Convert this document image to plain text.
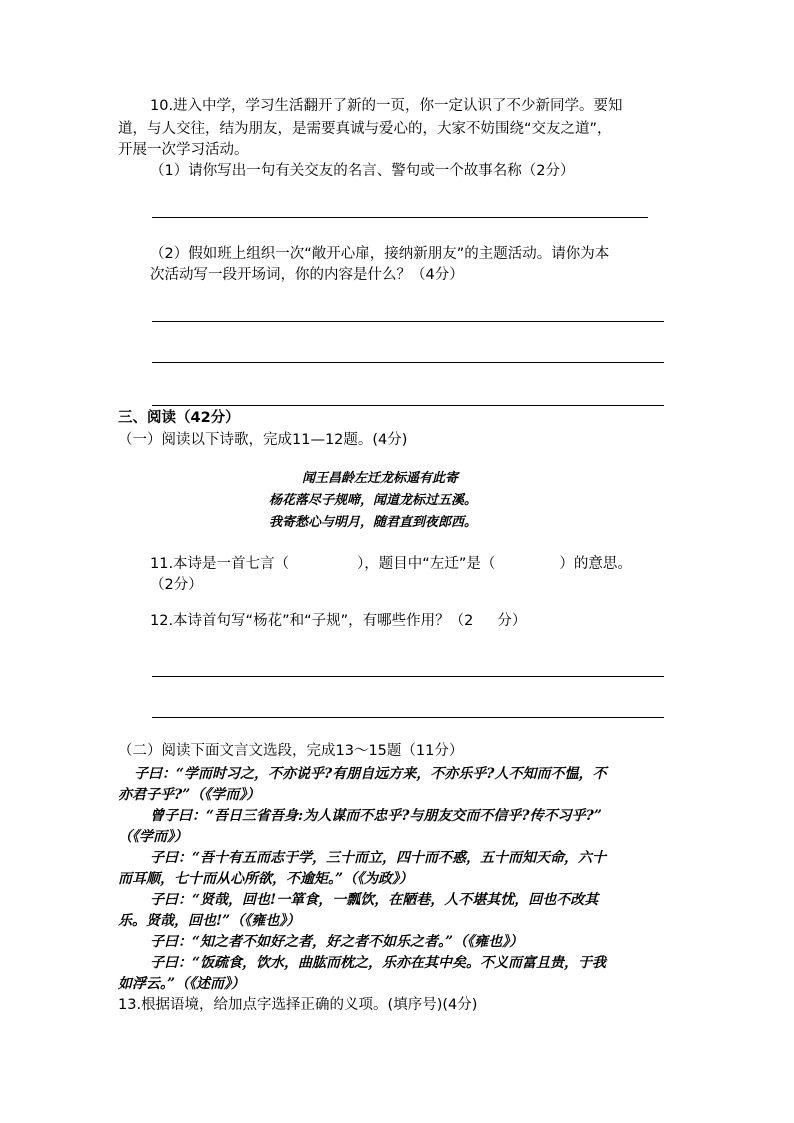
10.进入中学，学习生活翻开了新的一页，你一定认识了不少新同学。要知
道，与人交往，结为朋友，是需要真诚与爱心的，大家不妨围绕“交友之道”，
开展一次学习活动。
（1）请你写出一句有关交友的名言、警句或一个故事名称（2分）
（2）假如班上组织一次“敞开心扉，接纳新朋友”的主题活动。请你为本
次活动写一段开场词，你的内容是什么？（4分）
三、阅读（42分）
（一）阅读以下诗歌，完成11—12题。(4分)
闻王昌龄左迁龙标遥有此寄
杨花落尽子规啼，闻道龙标过五溪。
我寄愁心与明月，随君直到夜郎西。
11.本诗是一首七言（	），题目中“左迁”是（	）的意思。
（2分）
12.本诗首句写“杨花”和“子规”，有哪些作用？（2 分）
（二）阅读下面文言文选段，完成13～15题（11分）
子曰：“学而时习之，不亦说乎?有朋自远方来，不亦乐乎?人不知而不愠，不
亦君子乎?”（《学而》）
曾子曰：“吾日三省吾身:为人谋而不忠乎?与朋友交而不信乎?传不习乎?”
（《学而》）
子曰：“吾十有五而志于学，三十而立，四十而不惑，五十而知天命，六十
而耳顺，七十而从心所欲，不逾矩。”（《为政》）
子曰：“贤哉，回也!一箪食，一瓢饮，在陋巷，人不堪其忧，回也不改其
乐。贤哉，回也!”（《雍也》）
子曰：“知之者不如好之者，好之者不如乐之者。”（《雍也》）
子曰：“饭疏食，饮水，曲肱而枕之，乐亦在其中矣。不义而富且贵，于我
如浮云。”（《述而》）
13.根据语境，给加点字选择正确的义项。(填序号)(4分)
